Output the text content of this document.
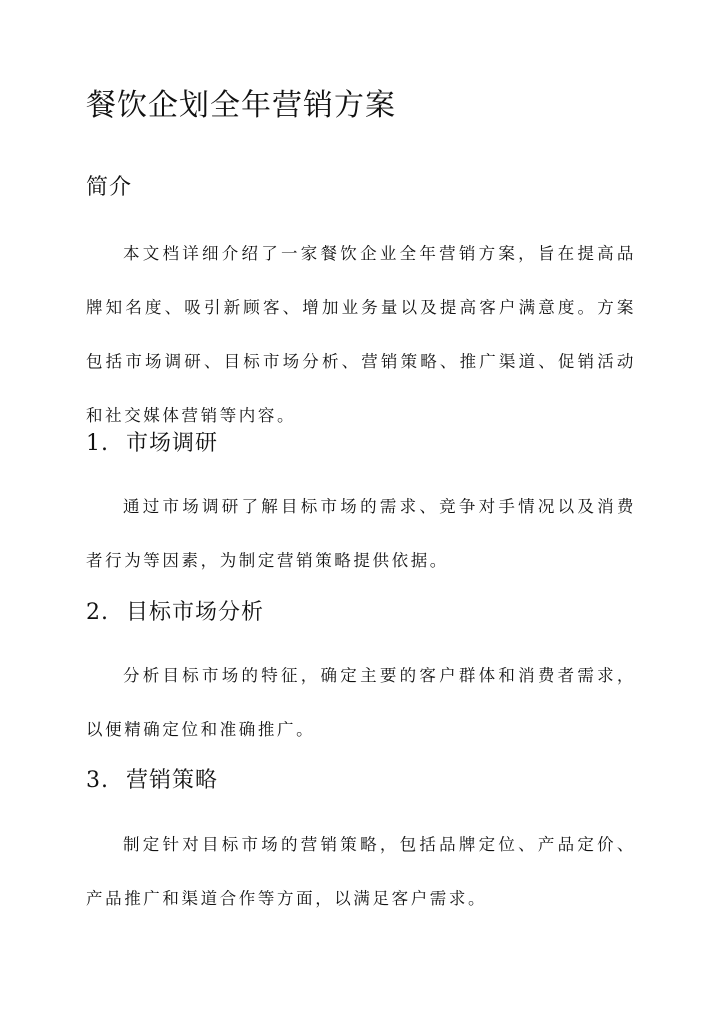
餐饮企划全年营销方案
简介

本文档详细介绍了一家餐饮企业全年营销方案，旨在提高品牌知名度、吸引新顾客、增加业务量以及提高客户满意度。方案包括市场调研、目标市场分析、营销策略、推广渠道、促销活动和社交媒体营销等内容。

1. 市场调研

通过市场调研了解目标市场的需求、竞争对手情况以及消费者行为等因素，为制定营销策略提供依据。

2. 目标市场分析

分析目标市场的特征，确定主要的客户群体和消费者需求，以便精确定位和准确推广。

3. 营销策略

制定针对目标市场的营销策略，包括品牌定位、产品定价、产品推广和渠道合作等方面，以满足客户需求。
